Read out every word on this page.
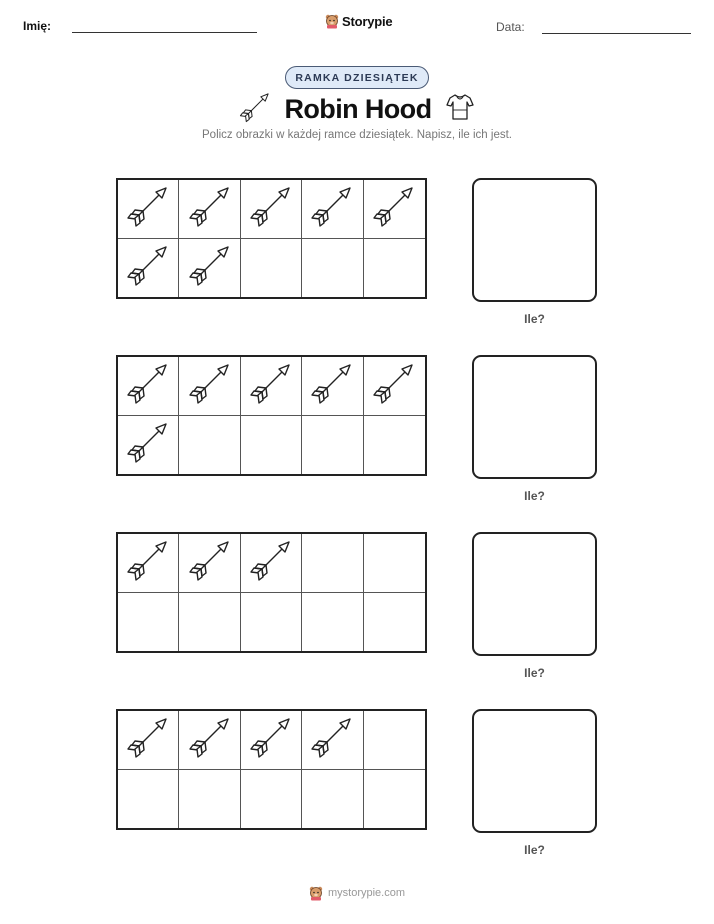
Imię:	Storypie	Data:
RAMKA DZIESIĄTEK
Robin Hood
Policz obrazki w każdej ramce dziesiątek. Napisz, ile ich jest.
Ile?
Ile?
Ile?
Ile?
mystorypie.com
